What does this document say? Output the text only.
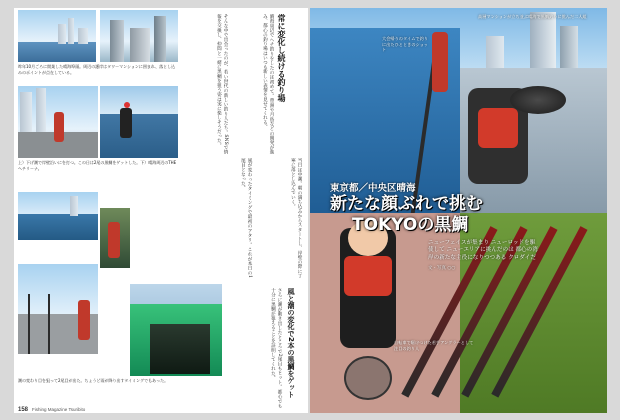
昨年10月ごろに開業した晴海埠頭。周辺の護岸はタワーマンションに囲まれ、落とし込みのポイントが点在している。
上）下げ潮で岸壁沿いにを打つ。この日は2尾の黒鯛をゲットした。下）晴海周辺のTHE ヘチリーナ。
潮の変わり目を狙って2尾目が出た。ちょうど雨が降り出すタイミングでもあった。
常に変化し続ける釣り場
晴海周辺でヘチ釣りをしたのは初めて。豊洲や月島などの開発が進み、都心の釣り場はいつも新しい表情を見せてくれる。
そんな中で出会ったのが、若い世代の新しい釣り人たち。SNSで情報を交換し、仲間と一緒に黒鯛を狙う姿は実に楽しそうだった。
当日は中潮。朝の満ち込みからスタートし、岸壁の際に丁寧に落とし込んでいく。
風が変わったタイミングで最初のアタリ。これが本日の1尾目となった。
風と潮の変化で2本の黒鯛をゲット
さらに潮が動き出したところで2尾目もヒット。都心でも十分に黒鯛が狙えることを証明してくれた。
158 Fishing Magazine Tsuribito
高層マンションが立ち並ぶ晴海で黒鯛釣りに挑んだ二人組
大会帰りのタイムで釣りに出たひとときのショット
自転車で駆けつけた若手アングラーとして注目の釣り人
東京都／中央区晴海
新たな顔ぶれで挑む
TOKYOの黒鯛
ニューフェイスが集まり ニューロッドを駆使して ニューエリアに挑んだのは 都心の湾岸の新たな主役になりつつある クロダイだ
文・写真 ○○
